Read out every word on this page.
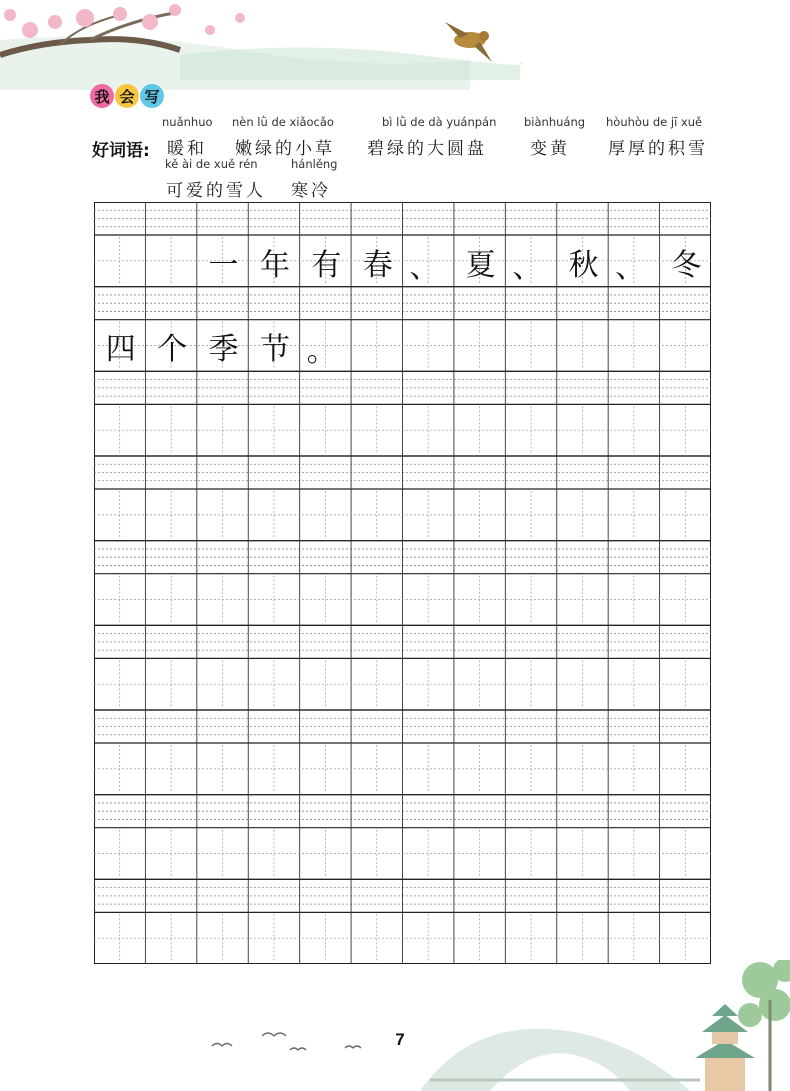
我 会 写
好词语:
nuǎnhuo
暖和
nèn lǜ de xiǎocǎo
嫩绿的小草
bì lǜ de dà yuánpán
碧绿的大圆盘
biànhuáng
变黄
hòuhòu de jī xuě
厚厚的积雪
kě ài de xuě rén
可爱的雪人
hánlěng
寒冷
一 年 有 春 、 夏 、 秋 、 冬
四 个 季 节 。
7
